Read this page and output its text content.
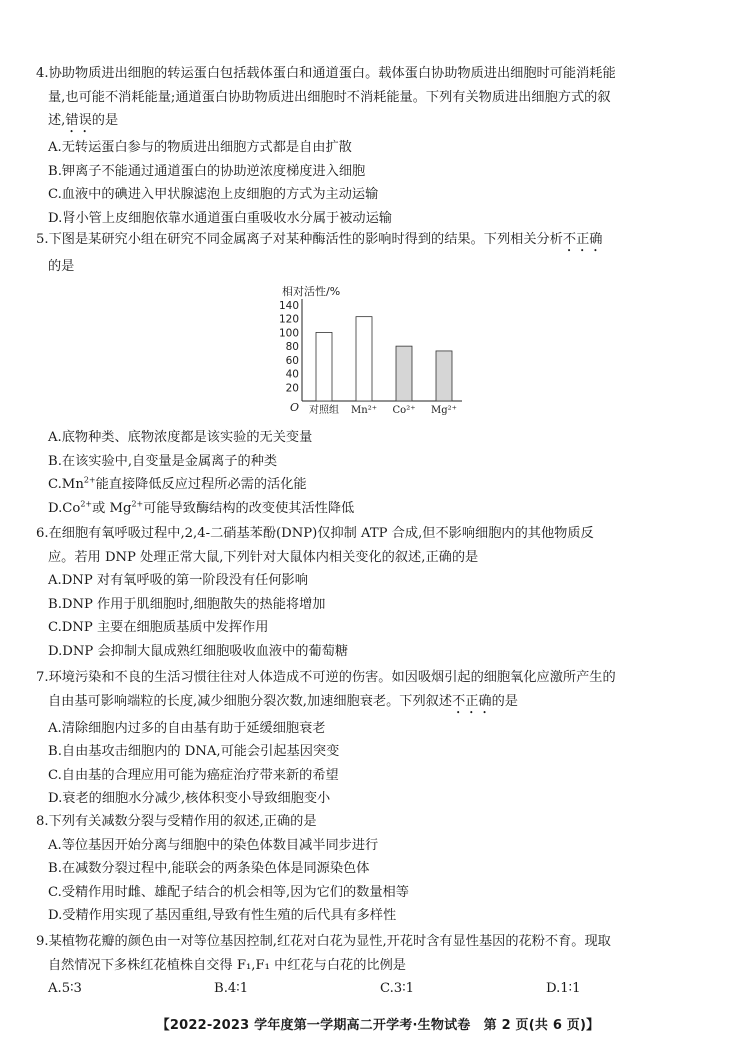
4.协助物质进出细胞的转运蛋白包括载体蛋白和通道蛋白。载体蛋白协助物质进出细胞时可能消耗能

量,也可能不消耗能量;通道蛋白协助物质进出细胞时不消耗能量。下列有关物质进出细胞方式的叙

述,错误的是

A.无转运蛋白参与的物质进出细胞方式都是自由扩散

B.钾离子不能通过通道蛋白的协助逆浓度梯度进入细胞

C.血液中的碘进入甲状腺滤泡上皮细胞的方式为主动运输

D.肾小管上皮细胞依靠水通道蛋白重吸收水分属于被动运输

5.下图是某研究小组在研究不同金属离子对某种酶活性的影响时得到的结果。下列相关分析不正确

的是

相对活性/%
O
20
40
60
80
100
120
140
对照组 Mn²⁺ Co²⁺ Mg²⁺

A.底物种类、底物浓度都是该实验的无关变量

B.在该实验中,自变量是金属离子的种类

$C.Mn^{2+}$能直接降低反应过程所必需的活化能

$D.Co^{2+}$或 $Mg^{2+}$可能导致酶结构的改变使其活性降低

6.在细胞有氧呼吸过程中,2,4-二硝基苯酚(DNP)仅抑制 ATP 合成,但不影响细胞内的其他物质反

应。若用 DNP 处理正常大鼠,下列针对大鼠体内相关变化的叙述,正确的是

A.DNP 对有氧呼吸的第一阶段没有任何影响

B.DNP 作用于肌细胞时,细胞散失的热能将增加

C.DNP 主要在细胞质基质中发挥作用

D.DNP 会抑制大鼠成熟红细胞吸收血液中的葡萄糖

7.环境污染和不良的生活习惯往往对人体造成不可逆的伤害。如因吸烟引起的细胞氧化应激所产生的

自由基可影响端粒的长度,减少细胞分裂次数,加速细胞衰老。下列叙述不正确的是

A.清除细胞内过多的自由基有助于延缓细胞衰老

B.自由基攻击细胞内的 DNA,可能会引起基因突变

C.自由基的合理应用可能为癌症治疗带来新的希望

D.衰老的细胞水分减少,核体积变小导致细胞变小

8.下列有关减数分裂与受精作用的叙述,正确的是

A.等位基因开始分离与细胞中的染色体数目减半同步进行

B.在减数分裂过程中,能联会的两条染色体是同源染色体

C.受精作用时雌、雄配子结合的机会相等,因为它们的数量相等

D.受精作用实现了基因重组,导致有性生殖的后代具有多样性

9.某植物花瓣的颜色由一对等位基因控制,红花对白花为显性,开花时含有显性基因的花粉不育。现取

自然情况下多株红花植株自交得 F₁,F₁ 中红花与白花的比例是

A.5∶3	B.4∶1	C.3∶1	D.1∶1
【2022-2023 学年度第一学期高二开学考·生物试卷　第 2 页(共 6 页)】
